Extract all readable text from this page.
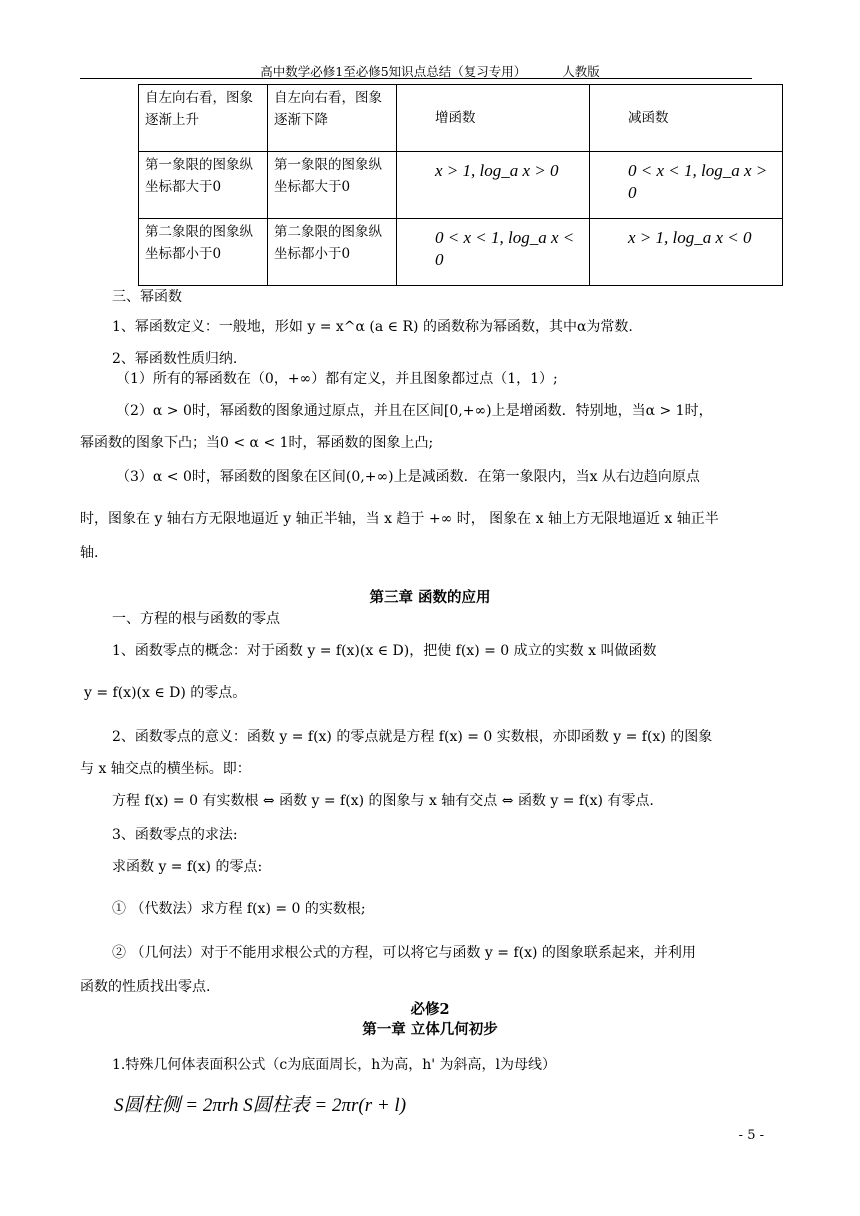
高中数学必修1至必修5知识点总结（复习专用）	人教版
自左向右看，图象逐渐上升	自左向右看，图象逐渐下降	增函数	减函数
第一象限的图象纵坐标都大于0	第一象限的图象纵坐标都大于0	x > 1, log_a x > 0	0 < x < 1, log_a x > 0
第二象限的图象纵坐标都小于0	第二象限的图象纵坐标都小于0	0 < x < 1, log_a x < 0	x > 1, log_a x < 0
三、幂函数
1、幂函数定义：一般地，形如 y = x^α (a ∈ R) 的函数称为幂函数，其中α为常数.
2、幂函数性质归纳.
（1）所有的幂函数在（0，+∞）都有定义，并且图象都过点（1，1）;
（2）α > 0时，幂函数的图象通过原点，并且在区间[0,+∞)上是增函数．特别地，当α > 1时，
幂函数的图象下凸；当0 < α < 1时，幂函数的图象上凸;
（3）α < 0时，幂函数的图象在区间(0,+∞)上是减函数．在第一象限内，当x 从右边趋向原点
时，图象在 y 轴右方无限地逼近 y 轴正半轴，当 x 趋于 +∞ 时， 图象在 x 轴上方无限地逼近 x 轴正半
轴.
第三章 函数的应用
一、方程的根与函数的零点
1、函数零点的概念：对于函数 y = f(x)(x ∈ D)，把使 f(x) = 0 成立的实数 x 叫做函数
y = f(x)(x ∈ D) 的零点。
2、函数零点的意义：函数 y = f(x) 的零点就是方程 f(x) = 0 实数根，亦即函数 y = f(x) 的图象
与 x 轴交点的横坐标。即：
方程 f(x) = 0 有实数根 ⇔ 函数 y = f(x) 的图象与 x 轴有交点 ⇔ 函数 y = f(x) 有零点.
3、函数零点的求法:
求函数 y = f(x) 的零点:
① （代数法）求方程 f(x) = 0 的实数根;
② （几何法）对于不能用求根公式的方程，可以将它与函数 y = f(x) 的图象联系起来，并利用
函数的性质找出零点.
必修2
第一章 立体几何初步
1.特殊几何体表面积公式（c为底面周长，h为高，h' 为斜高，l为母线）
S圆柱侧 = 2πrh S圆柱表 = 2πr(r + l)
- 5 -
